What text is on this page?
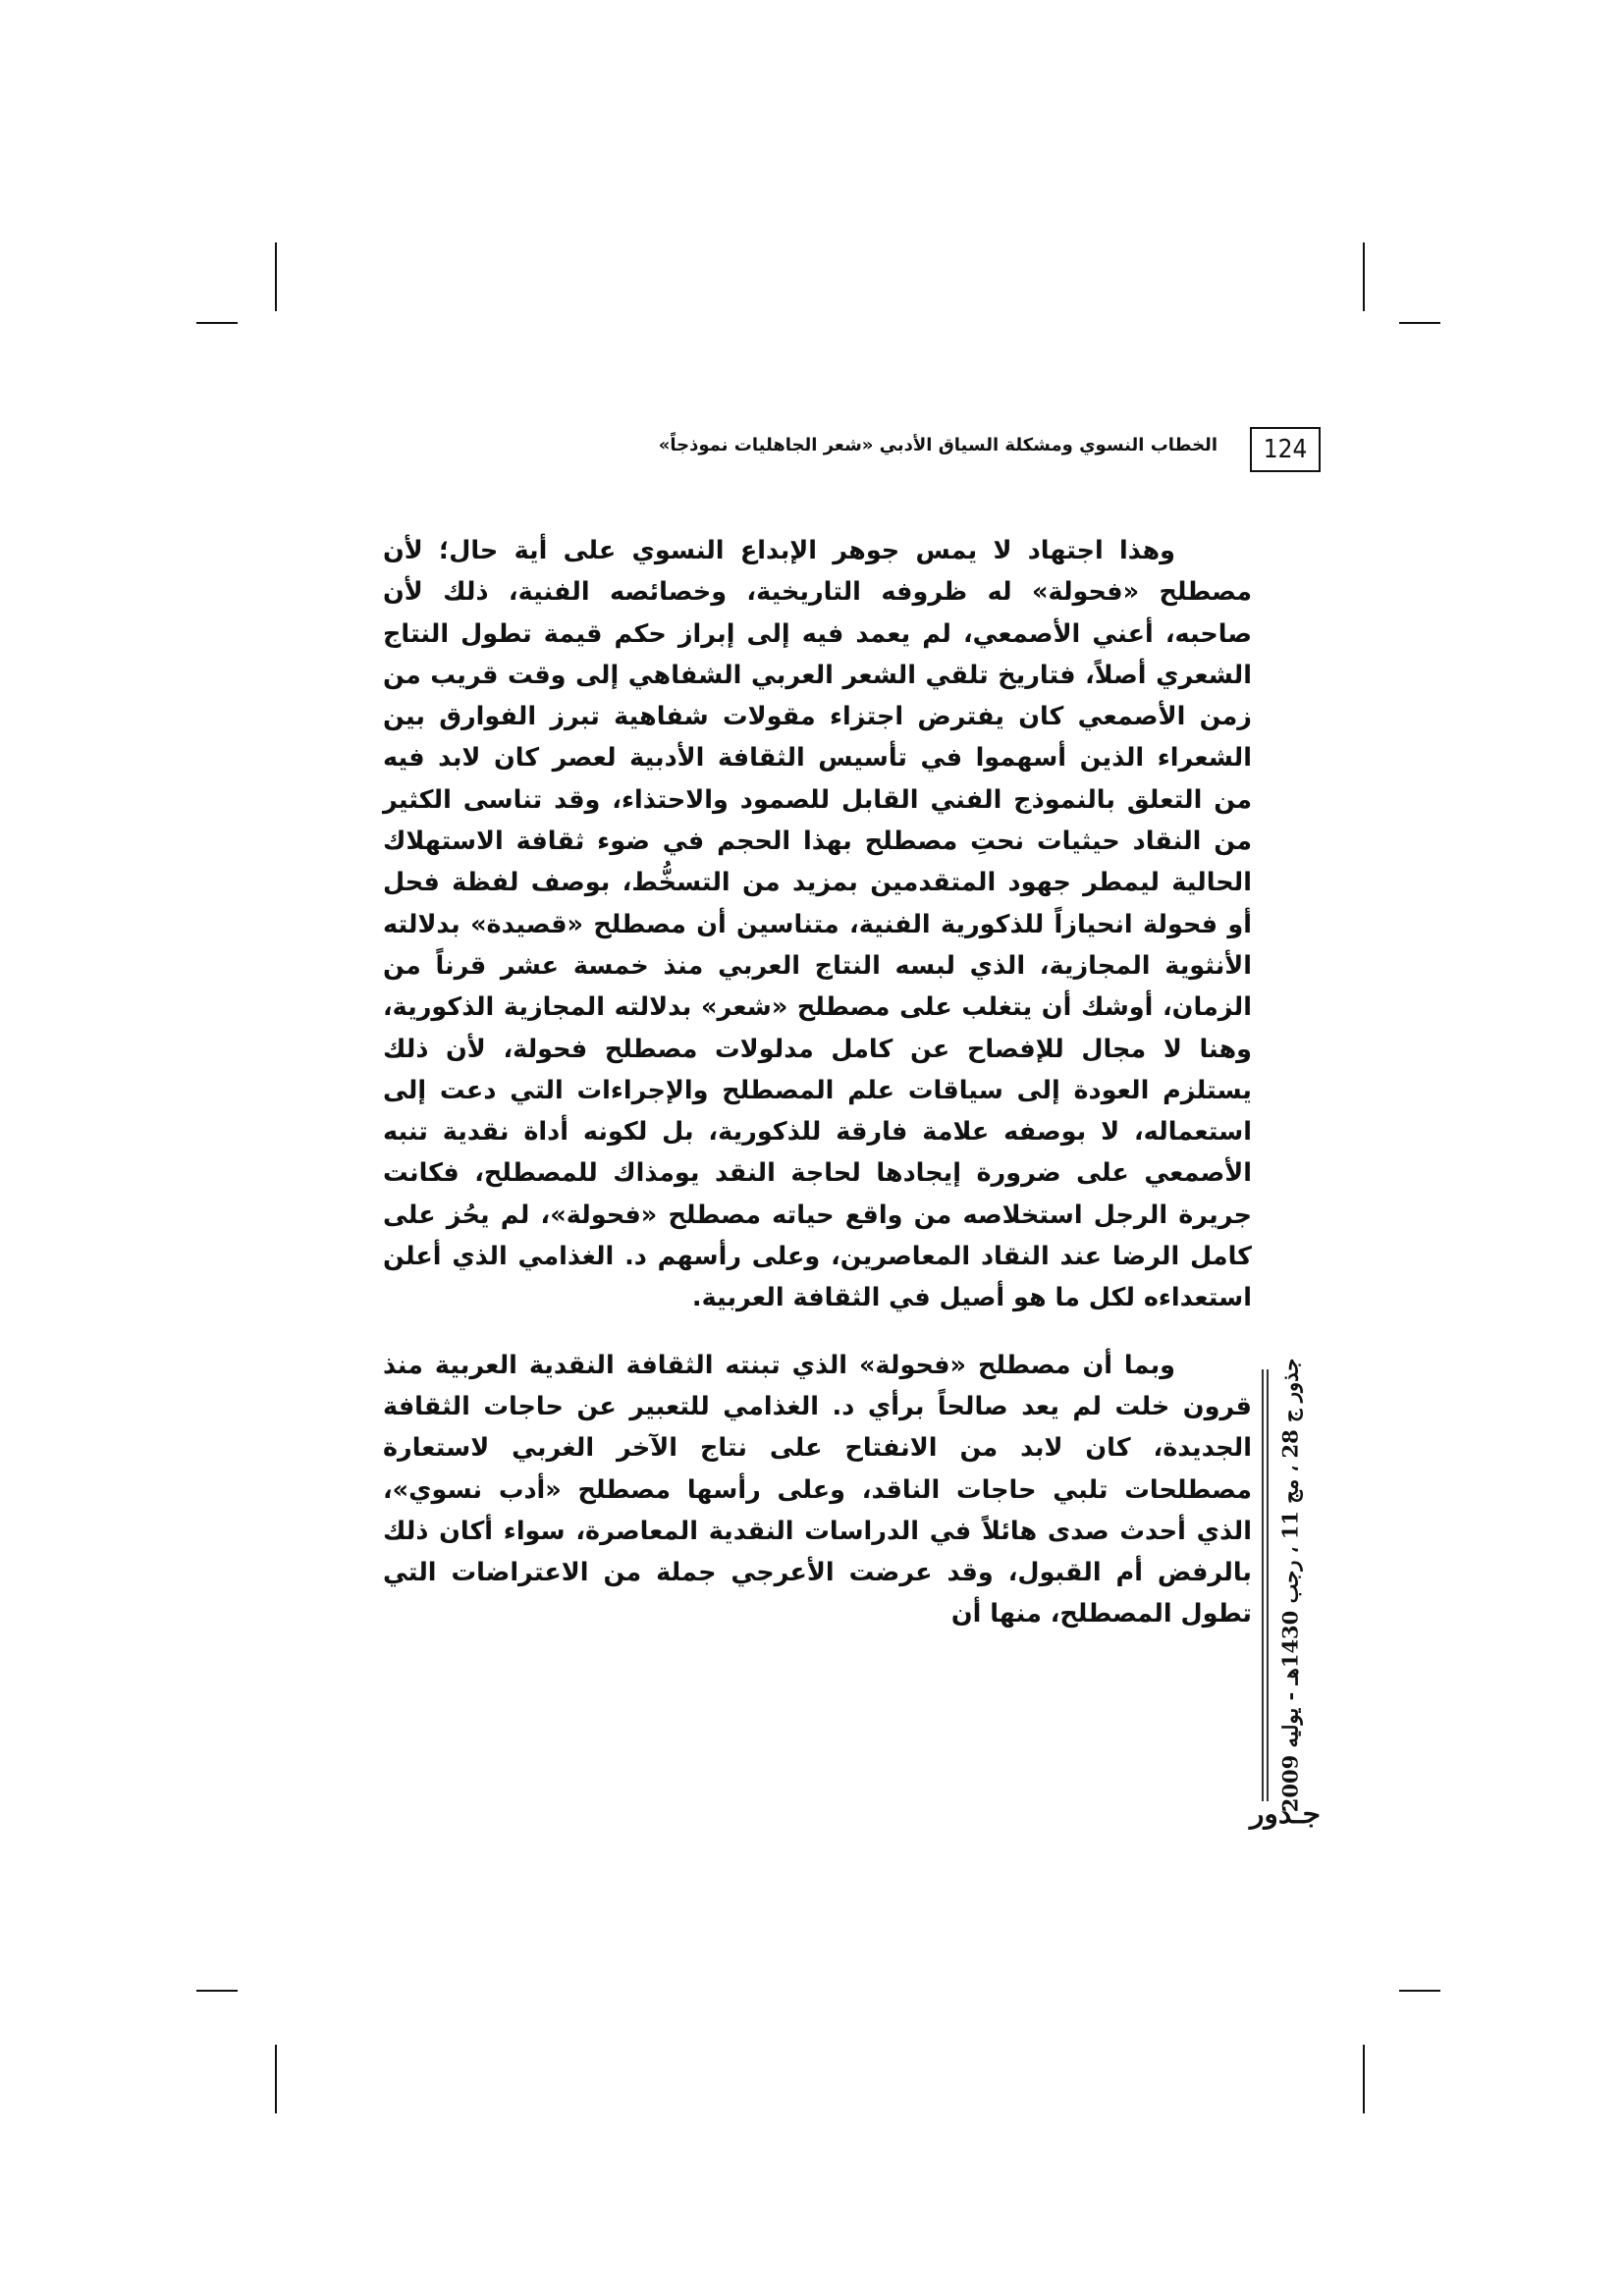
124
الخطاب النسوي ومشكلة السياق الأدبي «شعر الجاهليات نموذجاً»

وهذا اجتهاد لا يمس جوهر الإبداع النسوي على أية حال؛ لأن مصطلح «فحولة» له ظروفه التاريخية، وخصائصه الفنية، ذلك لأن صاحبه، أعني الأصمعي، لم يعمد فيه إلى إبراز حكم قيمة تطول النتاج الشعري أصلاً، فتاريخ تلقي الشعر العربي الشفاهي إلى وقت قريب من زمن الأصمعي كان يفترض اجتزاء مقولات شفاهية تبرز الفوارق بين الشعراء الذين أسهموا في تأسيس الثقافة الأدبية لعصر كان لابد فيه من التعلق بالنموذج الفني القابل للصمود والاحتذاء، وقد تناسى الكثير من النقاد حيثيات نحتِ مصطلح بهذا الحجم في ضوء ثقافة الاستهلاك الحالية ليمطر جهود المتقدمين بمزيد من التسخُّط، بوصف لفظة فحل أو فحولة انحيازاً للذكورية الفنية، متناسين أن مصطلح «قصيدة» بدلالته الأنثوية المجازية، الذي لبسه النتاج العربي منذ خمسة عشر قرناً من الزمان، أوشك أن يتغلب على مصطلح «شعر» بدلالته المجازية الذكورية، وهنا لا مجال للإفصاح عن كامل مدلولات مصطلح فحولة، لأن ذلك يستلزم العودة إلى سياقات علم المصطلح والإجراءات التي دعت إلى استعماله، لا بوصفه علامة فارقة للذكورية، بل لكونه أداة نقدية تنبه الأصمعي على ضرورة إيجادها لحاجة النقد يومذاك للمصطلح، فكانت جريرة الرجل استخلاصه من واقع حياته مصطلح «فحولة»، لم يحُز على كامل الرضا عند النقاد المعاصرين، وعلى رأسهم د. الغذامي الذي أعلن استعداءه لكل ما هو أصيل في الثقافة العربية.

وبما أن مصطلح «فحولة» الذي تبنته الثقافة النقدية العربية منذ قرون خلت لم يعد صالحاً برأي د. الغذامي للتعبير عن حاجات الثقافة الجديدة، كان لابد من الانفتاح على نتاج الآخر الغربي لاستعارة مصطلحات تلبي حاجات الناقد، وعلى رأسها مصطلح «أدب نسوي»، الذي أحدث صدى هائلاً في الدراسات النقدية المعاصرة، سواء أكان ذلك بالرفض أم القبول، وقد عرضت الأعرجي جملة من الاعتراضات التي تطول المصطلح، منها أن

جذور ج 28 ، مج 11 ، رجب 1430هـ - يوليه 2009
جـذور
